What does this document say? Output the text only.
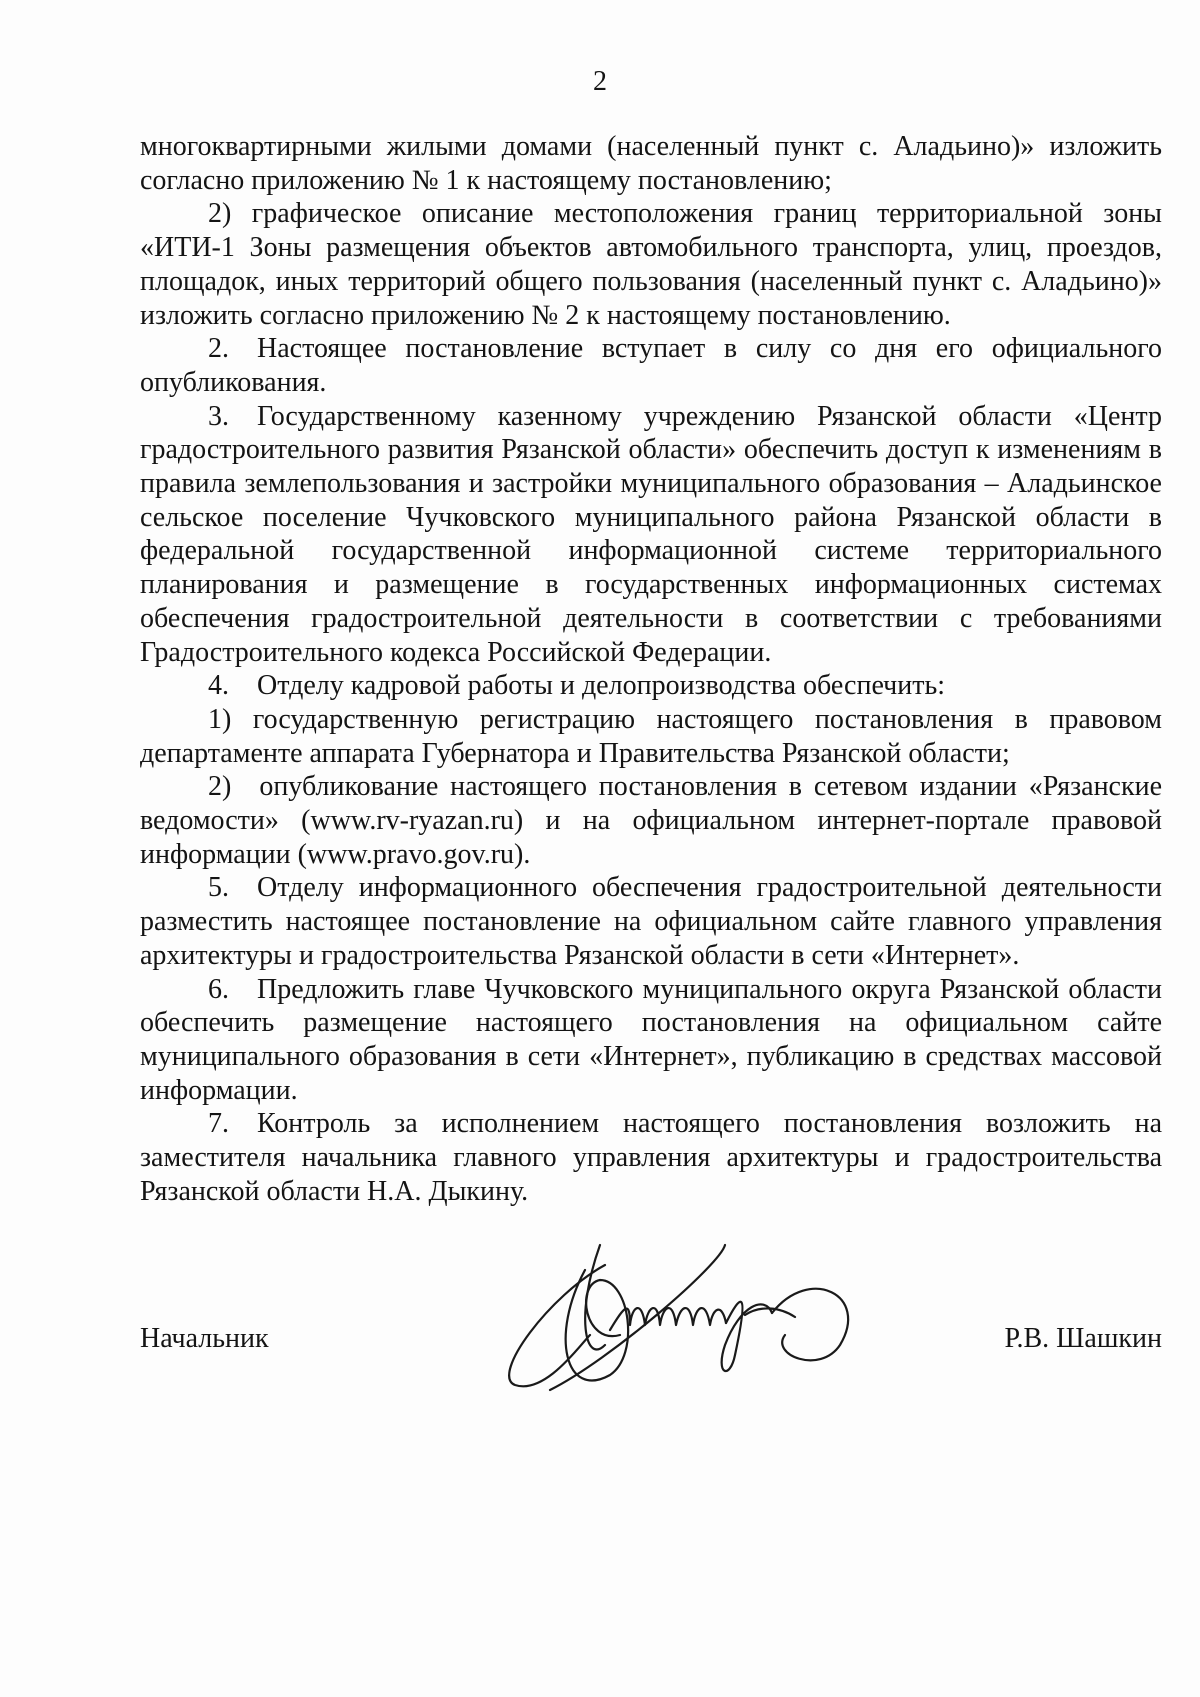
2

многоквартирными жилыми домами (населенный пункт с. Аладьино)» изложить согласно приложению № 1 к настоящему постановлению;

2) графическое описание местоположения границ территориальной зоны «ИТИ-1 Зоны размещения объектов автомобильного транспорта, улиц, проездов, площадок, иных территорий общего пользования (населенный пункт с. Аладьино)» изложить согласно приложению № 2 к настоящему постановлению.

2. Настоящее постановление вступает в силу со дня его официального опубликования.

3. Государственному казенному учреждению Рязанской области «Центр градостроительного развития Рязанской области» обеспечить доступ к изменениям в правила землепользования и застройки муниципального образования – Аладьинское сельское поселение Чучковского муниципального района Рязанской области в федеральной государственной информационной системе территориального планирования и размещение в государственных информационных системах обеспечения градостроительной деятельности в соответствии с требованиями Градостроительного кодекса Российской Федерации.

4. Отделу кадровой работы и делопроизводства обеспечить:

1) государственную регистрацию настоящего постановления в правовом департаменте аппарата Губернатора и Правительства Рязанской области;

2) опубликование настоящего постановления в сетевом издании «Рязанские ведомости» (www.rv-ryazan.ru) и на официальном интернет-портале правовой информации (www.pravo.gov.ru).

5. Отделу информационного обеспечения градостроительной деятельности разместить настоящее постановление на официальном сайте главного управления архитектуры и градостроительства Рязанской области в сети «Интернет».

6. Предложить главе Чучковского муниципального округа Рязанской области обеспечить размещение настоящего постановления на официальном сайте муниципального образования в сети «Интернет», публикацию в средствах массовой информации.

7. Контроль за исполнением настоящего постановления возложить на заместителя начальника главного управления архитектуры и градостроительства Рязанской области Н.А. Дыкину.

Начальник	Р.В. Шашкин
